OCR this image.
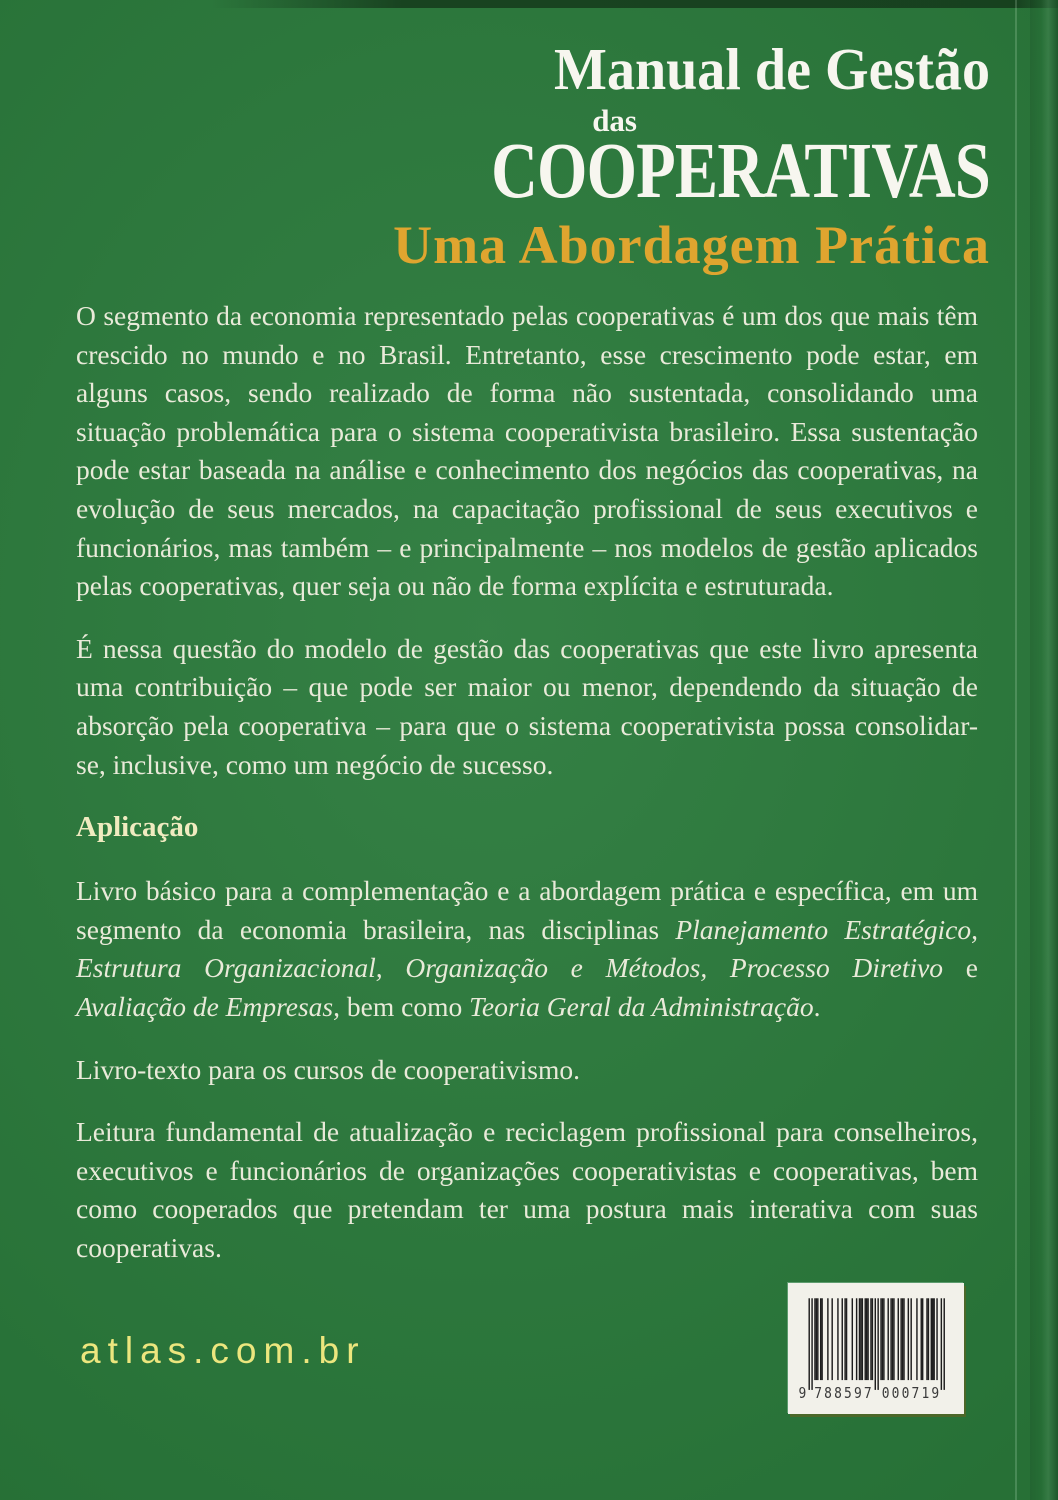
Manual de Gestão
das
COOPERATIVAS
Uma Abordagem Prática

O segmento da economia representado pelas cooperativas é um dos que mais têm crescido no mundo e no Brasil. Entretanto, esse crescimento pode estar, em alguns casos, sendo realizado de forma não sustentada, consolidando uma situação problemática para o sistema cooperativista brasileiro. Essa sustentação pode estar baseada na análise e conhecimento dos negócios das cooperativas, na evolução de seus mercados, na capacitação profissional de seus executivos e funcionários, mas também – e principalmente – nos modelos de gestão aplicados pelas cooperativas, quer seja ou não de forma explícita e estruturada.

É nessa questão do modelo de gestão das cooperativas que este livro apresenta uma contribuição – que pode ser maior ou menor, dependendo da situação de absorção pela cooperativa – para que o sistema cooperativista possa consolidar-se, inclusive, como um negócio de sucesso.

Aplicação

Livro básico para a complementação e a abordagem prática e específica, em um segmento da economia brasileira, nas disciplinas Planejamento Estratégico, Estrutura Organizacional, Organização e Métodos, Processo Diretivo e Avaliação de Empresas, bem como Teoria Geral da Administração.

Livro-texto para os cursos de cooperativismo.

Leitura fundamental de atualização e reciclagem profissional para conselheiros, executivos e funcionários de organizações cooperativistas e cooperativas, bem como cooperados que pretendam ter uma postura mais interativa com suas cooperativas.

atlas.com.br
9 788597 000719
